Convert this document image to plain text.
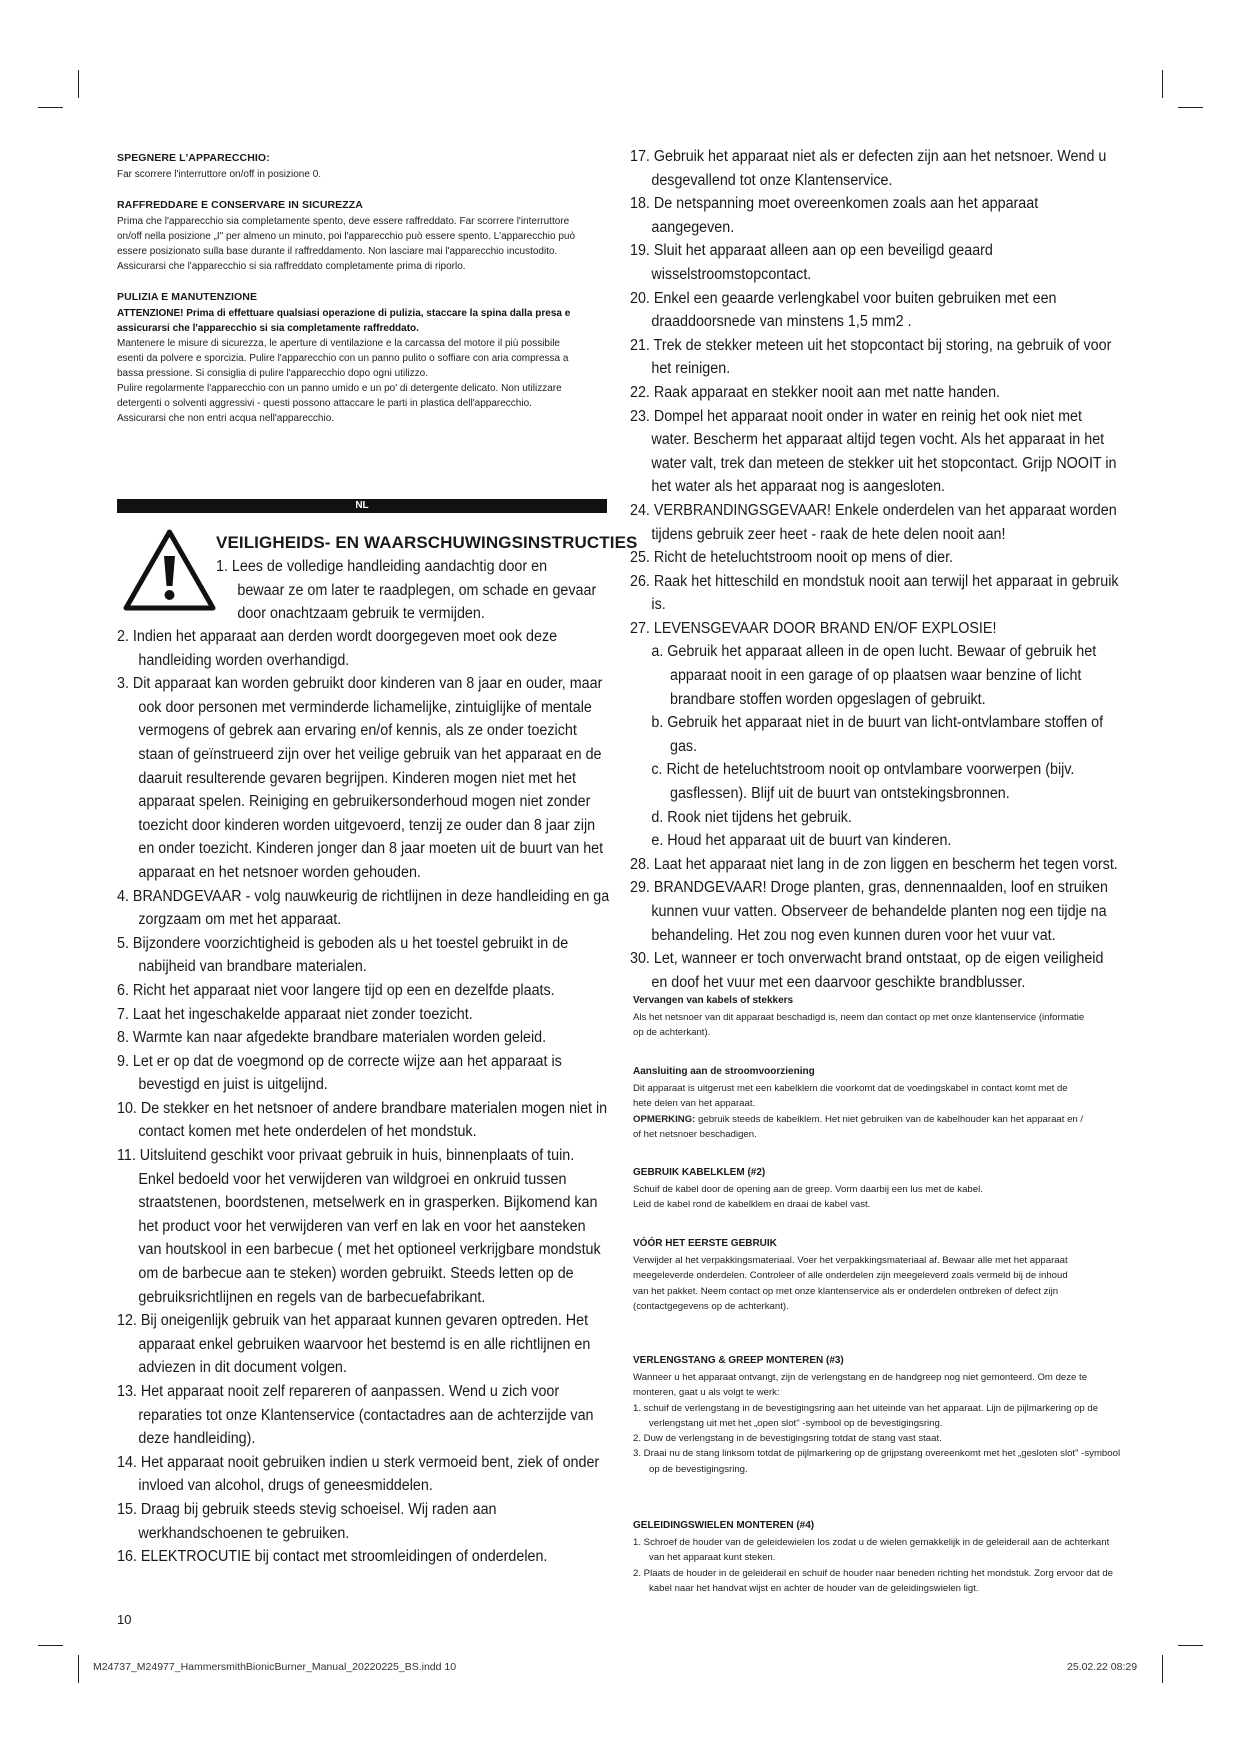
SPEGNERE L'APPARECCHIO:

Far scorrere l'interruttore on/off in posizione 0.

RAFFREDDARE E CONSERVARE IN SICUREZZA

Prima che l'apparecchio sia completamente spento, deve essere raffreddato. Far scorrere l'interruttore

on/off nella posizione „I" per almeno un minuto, poi l'apparecchio può essere spento. L'apparecchio può

essere posizionato sulla base durante il raffreddamento. Non lasciare mai l'apparecchio incustodito.

Assicurarsi che l'apparecchio si sia raffreddato completamente prima di riporlo.

PULIZIA E MANUTENZIONE

ATTENZIONE! Prima di effettuare qualsiasi operazione di pulizia, staccare la spina dalla presa e

assicurarsi che l'apparecchio si sia completamente raffreddato.

Mantenere le misure di sicurezza, le aperture di ventilazione e la carcassa del motore il più possibile

esenti da polvere e sporcizia. Pulire l'apparecchio con un panno pulito o soffiare con aria compressa a

bassa pressione. Si consiglia di pulire l'apparecchio dopo ogni utilizzo.

Pulire regolarmente l'apparecchio con un panno umido e un po' di detergente delicato. Non utilizzare

detergenti o solventi aggressivi - questi possono attaccare le parti in plastica dell'apparecchio.

Assicurarsi che non entri acqua nell'apparecchio.

NL
VEILIGHEIDS- EN WAARSCHUWINGSINSTRUCTIES

1. Lees de volledige handleiding aandachtig door en

bewaar ze om later te raadplegen, om schade en gevaar

door onachtzaam gebruik te vermijden.

2. Indien het apparaat aan derden wordt doorgegeven moet ook deze handleiding worden overhandigd.

3. Dit apparaat kan worden gebruikt door kinderen van 8 jaar en ouder, maar ook door personen met verminderde lichamelijke, zintuiglijke of mentale vermogens of gebrek aan ervaring en/of kennis, als ze onder toezicht staan of geïnstrueerd zijn over het veilige gebruik van het apparaat en de daaruit resulterende gevaren begrijpen. Kinderen mogen niet met het apparaat spelen. Reiniging en gebruikersonderhoud mogen niet zonder toezicht door kinderen worden uitgevoerd, tenzij ze ouder dan 8 jaar zijn en onder toezicht. Kinderen jonger dan 8 jaar moeten uit de buurt van het apparaat en het netsnoer worden gehouden.

4. BRANDGEVAAR - volg nauwkeurig de richtlijnen in deze handleiding en ga zorgzaam om met het apparaat.

5. Bijzondere voorzichtigheid is geboden als u het toestel gebruikt in de nabijheid van brandbare materialen.

6. Richt het apparaat niet voor langere tijd op een en dezelfde plaats.

7. Laat het ingeschakelde apparaat niet zonder toezicht.

8. Warmte kan naar afgedekte brandbare materialen worden geleid.

9. Let er op dat de voegmond op de correcte wijze aan het apparaat is bevestigd en juist is uitgelijnd.

10. De stekker en het netsnoer of andere brandbare materialen mogen niet in contact komen met hete onderdelen of het mondstuk.

11. Uitsluitend geschikt voor privaat gebruik in huis, binnenplaats of tuin. Enkel bedoeld voor het verwijderen van wildgroei en onkruid tussen straatstenen, boordstenen, metselwerk en in grasperken. Bijkomend kan het product voor het verwijderen van verf en lak en voor het aansteken van houtskool in een barbecue ( met het optioneel verkrijgbare mondstuk om de barbecue aan te steken) worden gebruikt. Steeds letten op de gebruiksrichtlijnen en regels van de barbecuefabrikant.

12. Bij oneigenlijk gebruik van het apparaat kunnen gevaren optreden. Het apparaat enkel gebruiken waarvoor het bestemd is en alle richtlijnen en adviezen in dit document volgen.

13. Het apparaat nooit zelf repareren of aanpassen. Wend u zich voor reparaties tot onze Klantenservice (contactadres aan de achterzijde van deze handleiding).

14. Het apparaat nooit gebruiken indien u sterk vermoeid bent, ziek of onder invloed van alcohol, drugs of geneesmiddelen.

15. Draag bij gebruik steeds stevig schoeisel. Wij raden aan werkhandschoenen te gebruiken.

16. ELEKTROCUTIE bij contact met stroomleidingen of onderdelen.

17. Gebruik het apparaat niet als er defecten zijn aan het netsnoer. Wend u desgevallend tot onze Klantenservice.

18. De netspanning moet overeenkomen zoals aan het apparaat aangegeven.

19. Sluit het apparaat alleen aan op een beveiligd geaard wisselstroomstopcontact.

20. Enkel een geaarde verlengkabel voor buiten gebruiken met een draaddoorsnede van minstens 1,5 mm2 .

21. Trek de stekker meteen uit het stopcontact bij storing, na gebruik of voor het reinigen.

22. Raak apparaat en stekker nooit aan met natte handen.

23. Dompel het apparaat nooit onder in water en reinig het ook niet met water. Bescherm het apparaat altijd tegen vocht. Als het apparaat in het water valt, trek dan meteen de stekker uit het stopcontact. Grijp NOOIT in het water als het apparaat nog is aangesloten.

24. VERBRANDINGSGEVAAR! Enkele onderdelen van het apparaat worden tijdens gebruik zeer heet - raak de hete delen nooit aan!

25. Richt de heteluchtstroom nooit op mens of dier.

26. Raak het hitteschild en mondstuk nooit aan terwijl het apparaat in gebruik is.

27. LEVENSGEVAAR DOOR BRAND EN/OF EXPLOSIE!

a. Gebruik het apparaat alleen in de open lucht. Bewaar of gebruik het apparaat nooit in een garage of op plaatsen waar benzine of licht brandbare stoffen worden opgeslagen of gebruikt.

b. Gebruik het apparaat niet in de buurt van licht-ontvlambare stoffen of gas.

c. Richt de heteluchtstroom nooit op ontvlambare voorwerpen (bijv. gasflessen). Blijf uit de buurt van ontstekingsbronnen.

d. Rook niet tijdens het gebruik.

e. Houd het apparaat uit de buurt van kinderen.

28. Laat het apparaat niet lang in de zon liggen en bescherm het tegen vorst.

29. BRANDGEVAAR! Droge planten, gras, dennennaalden, loof en struiken kunnen vuur vatten. Observeer de behandelde planten nog een tijdje na behandeling. Het zou nog even kunnen duren voor het vuur vat.

30. Let, wanneer er toch onverwacht brand ontstaat, op de eigen veiligheid en doof het vuur met een daarvoor geschikte brandblusser.

Vervangen van kabels of stekkers

Als het netsnoer van dit apparaat beschadigd is, neem dan contact op met onze klantenservice (informatie

op de achterkant).

Aansluiting aan de stroomvoorziening

Dit apparaat is uitgerust met een kabelklem die voorkomt dat de voedingskabel in contact komt met de

hete delen van het apparaat.

OPMERKING: gebruik steeds de kabelklem. Het niet gebruiken van de kabelhouder kan het apparaat en /

of het netsnoer beschadigen.

GEBRUIK KABELKLEM (#2)

Schuif de kabel door de opening aan de greep. Vorm daarbij een lus met de kabel.

Leid de kabel rond de kabelklem en draai de kabel vast.

VÓÓR HET EERSTE GEBRUIK

Verwijder al het verpakkingsmateriaal. Voer het verpakkingsmateriaal af. Bewaar alle met het apparaat

meegeleverde onderdelen. Controleer of alle onderdelen zijn meegeleverd zoals vermeld bij de inhoud

van het pakket. Neem contact op met onze klantenservice als er onderdelen ontbreken of defect zijn

(contactgegevens op de achterkant).

VERLENGSTANG & GREEP MONTEREN (#3)

Wanneer u het apparaat ontvangt, zijn de verlengstang en de handgreep nog niet gemonteerd. Om deze te

monteren, gaat u als volgt te werk:

1. schuif de verlengstang in de bevestigingsring aan het uiteinde van het apparaat. Lijn de pijlmarkering op de verlengstang uit met het „open slot" -symbool op de bevestigingsring.

2. Duw de verlengstang in de bevestigingsring totdat de stang vast staat.

3. Draai nu de stang linksom totdat de pijlmarkering op de grijpstang overeenkomt met het „gesloten slot" -symbool op de bevestigingsring.

GELEIDINGSWIELEN MONTEREN (#4)

1. Schroef de houder van de geleidewielen los zodat u de wielen gemakkelijk in de geleiderail aan de achterkant van het apparaat kunt steken.

2. Plaats de houder in de geleiderail en schuif de houder naar beneden richting het mondstuk. Zorg ervoor dat de kabel naar het handvat wijst en achter de houder van de geleidingswielen ligt.

10
M24737_M24977_HammersmithBionicBurner_Manual_20220225_BS.indd 10	25.02.22 08:29
